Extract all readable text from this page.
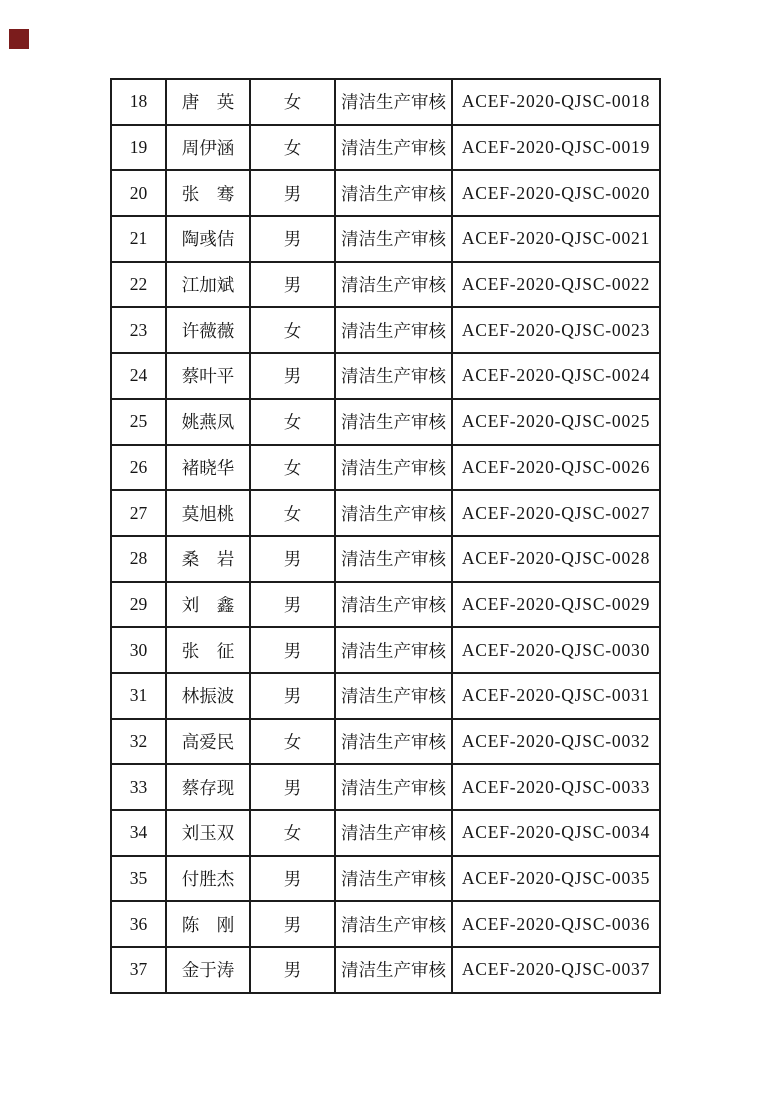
18	唐　英	女	清洁生产审核	ACEF-2020-QJSC-0018
19	周伊涵	女	清洁生产审核	ACEF-2020-QJSC-0019
20	张　骞	男	清洁生产审核	ACEF-2020-QJSC-0020
21	陶彧佶	男	清洁生产审核	ACEF-2020-QJSC-0021
22	江加斌	男	清洁生产审核	ACEF-2020-QJSC-0022
23	许薇薇	女	清洁生产审核	ACEF-2020-QJSC-0023
24	蔡叶平	男	清洁生产审核	ACEF-2020-QJSC-0024
25	姚燕凤	女	清洁生产审核	ACEF-2020-QJSC-0025
26	褚晓华	女	清洁生产审核	ACEF-2020-QJSC-0026
27	莫旭桃	女	清洁生产审核	ACEF-2020-QJSC-0027
28	桑　岩	男	清洁生产审核	ACEF-2020-QJSC-0028
29	刘　鑫	男	清洁生产审核	ACEF-2020-QJSC-0029
30	张　征	男	清洁生产审核	ACEF-2020-QJSC-0030
31	林振波	男	清洁生产审核	ACEF-2020-QJSC-0031
32	高爱民	女	清洁生产审核	ACEF-2020-QJSC-0032
33	蔡存现	男	清洁生产审核	ACEF-2020-QJSC-0033
34	刘玉双	女	清洁生产审核	ACEF-2020-QJSC-0034
35	付胜杰	男	清洁生产审核	ACEF-2020-QJSC-0035
36	陈　刚	男	清洁生产审核	ACEF-2020-QJSC-0036
37	金于涛	男	清洁生产审核	ACEF-2020-QJSC-0037
